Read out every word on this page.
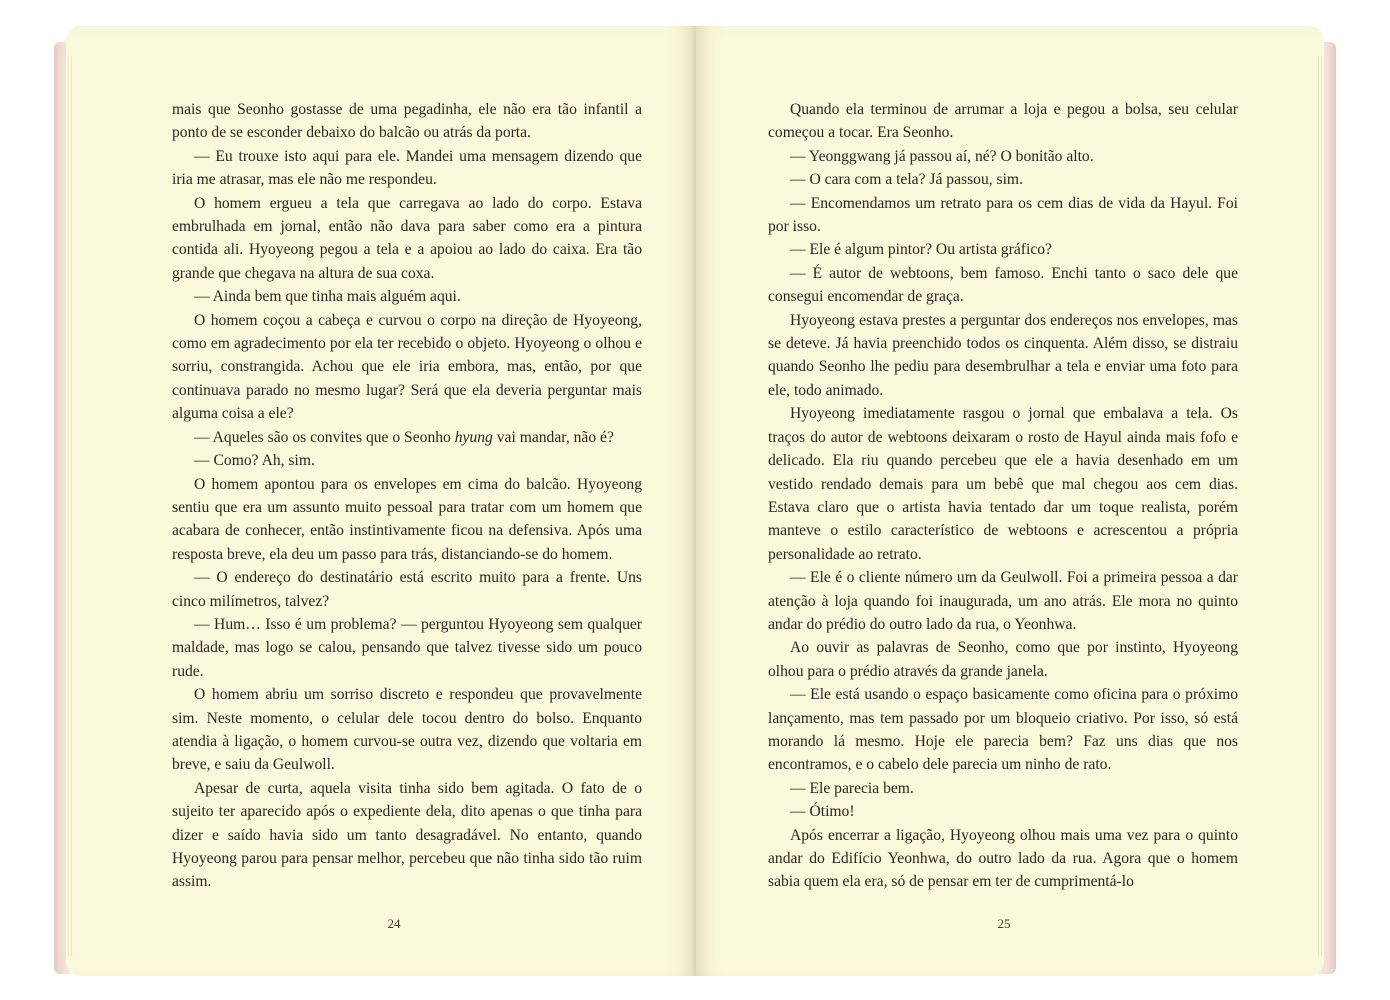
mais que Seonho gostasse de uma pegadinha, ele não era tão infantil a ponto de se esconder debaixo do balcão ou atrás da porta.

— Eu trouxe isto aqui para ele. Mandei uma mensagem dizendo que iria me atrasar, mas ele não me respondeu.

O homem ergueu a tela que carregava ao lado do corpo. Estava embrulhada em jornal, então não dava para saber como era a pintura contida ali. Hyoyeong pegou a tela e a apoiou ao lado do caixa. Era tão grande que chegava na altura de sua coxa.

— Ainda bem que tinha mais alguém aqui.

O homem coçou a cabeça e curvou o corpo na direção de Hyoyeong, como em agradecimento por ela ter recebido o objeto. Hyoyeong o olhou e sorriu, constrangida. Achou que ele iria embora, mas, então, por que continuava parado no mesmo lugar? Será que ela deveria perguntar mais alguma coisa a ele?

— Aqueles são os convites que o Seonho hyung vai mandar, não é?

— Como? Ah, sim.

O homem apontou para os envelopes em cima do balcão. Hyoyeong sentiu que era um assunto muito pessoal para tratar com um homem que acabara de conhecer, então instintivamente ficou na defensiva. Após uma resposta breve, ela deu um passo para trás, distanciando-se do homem.

— O endereço do destinatário está escrito muito para a frente. Uns cinco milímetros, talvez?

— Hum… Isso é um problema? — perguntou Hyoyeong sem qualquer maldade, mas logo se calou, pensando que talvez tivesse sido um pouco rude.

O homem abriu um sorriso discreto e respondeu que provavelmente sim. Neste momento, o celular dele tocou dentro do bolso. Enquanto atendia à ligação, o homem curvou-se outra vez, dizendo que voltaria em breve, e saiu da Geulwoll.

Apesar de curta, aquela visita tinha sido bem agitada. O fato de o sujeito ter aparecido após o expediente dela, dito apenas o que tinha para dizer e saído havia sido um tanto desagradável. No entanto, quando Hyoyeong parou para pensar melhor, percebeu que não tinha sido tão ruim assim.

24

Quando ela terminou de arrumar a loja e pegou a bolsa, seu celular começou a tocar. Era Seonho.

— Yeonggwang já passou aí, né? O bonitão alto.

— O cara com a tela? Já passou, sim.

— Encomendamos um retrato para os cem dias de vida da Hayul. Foi por isso.

— Ele é algum pintor? Ou artista gráfico?

— É autor de webtoons, bem famoso. Enchi tanto o saco dele que consegui encomendar de graça.

Hyoyeong estava prestes a perguntar dos endereços nos envelopes, mas se deteve. Já havia preenchido todos os cinquenta. Além disso, se distraiu quando Seonho lhe pediu para desembrulhar a tela e enviar uma foto para ele, todo animado.

Hyoyeong imediatamente rasgou o jornal que embalava a tela. Os traços do autor de webtoons deixaram o rosto de Hayul ainda mais fofo e delicado. Ela riu quando percebeu que ele a havia desenhado em um vestido rendado demais para um bebê que mal chegou aos cem dias. Estava claro que o artista havia tentado dar um toque realista, porém manteve o estilo característico de webtoons e acrescentou a própria personalidade ao retrato.

— Ele é o cliente número um da Geulwoll. Foi a primeira pessoa a dar atenção à loja quando foi inaugurada, um ano atrás. Ele mora no quinto andar do prédio do outro lado da rua, o Yeonhwa.

Ao ouvir as palavras de Seonho, como que por instinto, Hyoyeong olhou para o prédio através da grande janela.

— Ele está usando o espaço basicamente como oficina para o próximo lançamento, mas tem passado por um bloqueio criativo. Por isso, só está morando lá mesmo. Hoje ele parecia bem? Faz uns dias que nos encontramos, e o cabelo dele parecia um ninho de rato.

— Ele parecia bem.

— Ótimo!

Após encerrar a ligação, Hyoyeong olhou mais uma vez para o quinto andar do Edifício Yeonhwa, do outro lado da rua. Agora que o homem sabia quem ela era, só de pensar em ter de cumprimentá-lo

25
